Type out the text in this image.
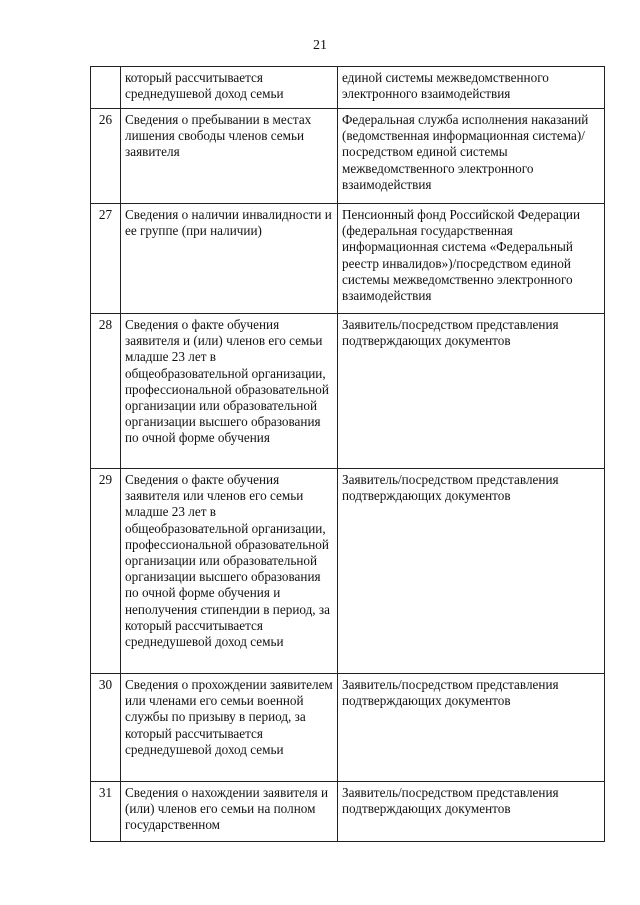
21
	который рассчитывается среднедушевой доход семьи	единой системы межведомственного электронного взаимодействия
26	Сведения о пребывании в местах лишения свободы членов семьи заявителя	Федеральная служба исполнения наказаний (ведомственная информационная система)/посредством единой системы межведомственного электронного взаимодействия
27	Сведения о наличии инвалидности и ее группе (при наличии)	Пенсионный фонд Российской Федерации (федеральная государственная информационная система «Федеральный реестр инвалидов»)/посредством единой системы межведомственно электронного взаимодействия
28	Сведения о факте обучения заявителя и (или) членов его семьи младше 23 лет в общеобразовательной организации, профессиональной образовательной организации или образовательной организации высшего образования по очной форме обучения	Заявитель/посредством представления подтверждающих документов
29	Сведения о факте обучения заявителя или членов его семьи младше 23 лет в общеобразовательной организации, профессиональной образовательной организации или образовательной организации высшего образования по очной форме обучения и неполучения стипендии в период, за который рассчитывается среднедушевой доход семьи	Заявитель/посредством представления подтверждающих документов
30	Сведения о прохождении заявителем или членами его семьи военной службы по призыву в период, за который рассчитывается среднедушевой доход семьи	Заявитель/посредством представления подтверждающих документов
31	Сведения о нахождении заявителя и (или) членов его семьи на полном государственном	Заявитель/посредством представления подтверждающих документов
